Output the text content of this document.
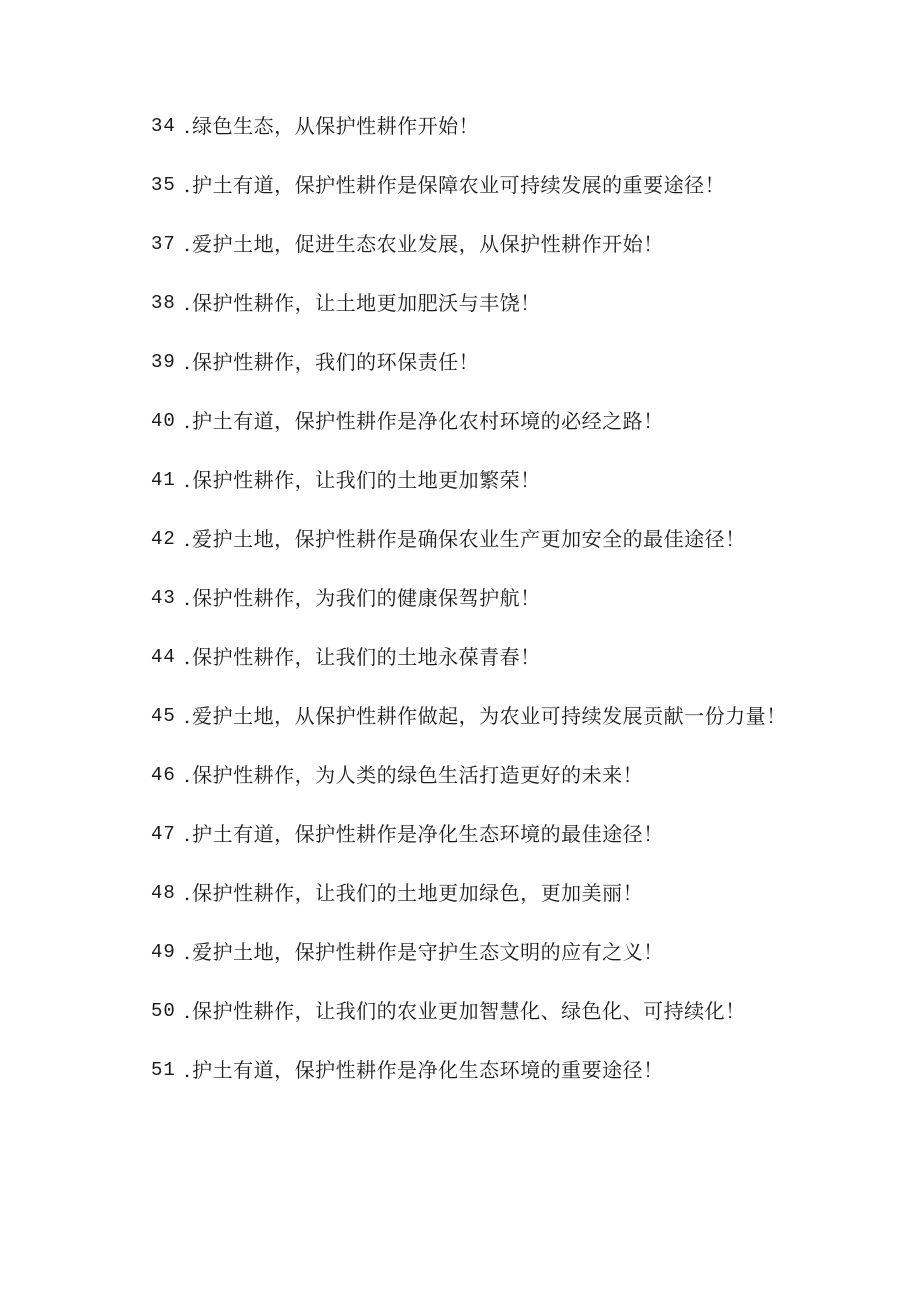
34 . 绿色生态，从保护性耕作开始！
35 . 护土有道，保护性耕作是保障农业可持续发展的重要途径！
37 . 爱护土地，促进生态农业发展，从保护性耕作开始！
38 . 保护性耕作，让土地更加肥沃与丰饶！
39 . 保护性耕作，我们的环保责任！
40 . 护土有道，保护性耕作是净化农村环境的必经之路！
41 . 保护性耕作，让我们的土地更加繁荣！
42 . 爱护土地，保护性耕作是确保农业生产更加安全的最佳途径！
43 . 保护性耕作，为我们的健康保驾护航！
44 . 保护性耕作，让我们的土地永葆青春！
45 . 爱护土地，从保护性耕作做起，为农业可持续发展贡献一份力量！
46 . 保护性耕作，为人类的绿色生活打造更好的未来！
47 . 护土有道，保护性耕作是净化生态环境的最佳途径！
48 . 保护性耕作，让我们的土地更加绿色，更加美丽！
49 . 爱护土地，保护性耕作是守护生态文明的应有之义！
50 . 保护性耕作，让我们的农业更加智慧化、绿色化、可持续化！
51 . 护土有道，保护性耕作是净化生态环境的重要途径！
